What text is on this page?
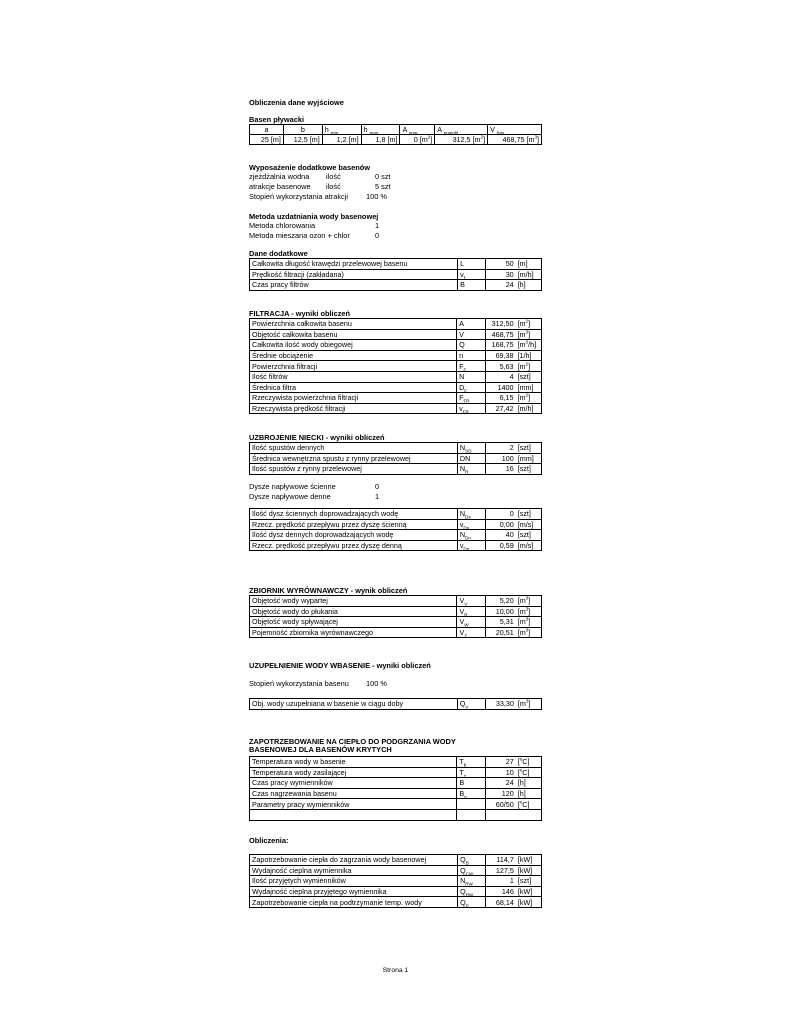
Obliczenia dane wyjściowe
Basen pływacki
a	b	h $_{min}$	h $_{max}$	A $_{pow}$	A $_{powobl}$	V $_{bas}$
25 [m]	12,5 [m]	1,2 [m]	1,8 [m]	0 $[m^2]$	312,5 $[m^2]$	468,75 $[m^3]$
Wyposażenie dodatkowe basenów
zjeżdżalnia wodna ilość	0 szt
atrakcje basenowe ilość	5 szt
Stopień wykorzystania atrakcji 100 %
Metoda uzdatniania wody basenowej
Metoda chlorowania	1
Metoda mieszana ozon + chlor	0
Dane dodatkowe
Całkowita długość krawędzi przelewowej basenu	L	50	[m]
Prędkość filtracji (zakładana)	$v_f$	30	[m/h]
Czas pracy filtrów	B	24	[h]
FILTRACJA - wyniki obliczeń
Powierzchnia całkowita basenu	A	312,50	$[m^2]$
Objętość całkowita basenu	V	468,75	$[m^3]$
Całkowita ilość wody obiegowej	Q	168,75	$[m^3/h]$
Średnie obciążenie	n	69,38	[1/h]
Powierzchnia filtracji	$F_F$	5,63	$[m^2]$
Ilość filtrów	N	4	[szt]
Średnica filtra	$D_F$	1400	[mm]
Rzeczywista powierzchnia filtracji	$F_{FR}$	6,15	$[m^2]$
Rzeczywista prędkość filtracji	$v_{FR}$	27,42	[m/h]
UZBROJENIE NIECKI - wyniki obliczeń
Ilość spustów dennych	$N_{SD}$	2	[szt]
Średnica wewnętrzna spustu z rynny przelewowej	DN	100	[mm]
Ilość spustów z rynny przelewowej	$N_R$	16	[szt]
Dysze napływowe ścienne	0
Dysze napływowe denne	1
Ilość dysz ściennych doprowadzających wodę	$N_{Ds}$	0	[szt]
Rzecz. prędkość przepływu przez dyszę ścienną	$v_{Ds}$	0,00	[m/s]
Ilość dysz dennych doprowadzających wodę	$N_{Dn}$	40	[szt]
Rzecz. prędkość przepływu przez dyszę denną	$v_{Dn}$	0,59	[m/s]
ZBIORNIK WYRÓWNAWCZY - wynik obliczeń
Objętość wody wypartej	$V_V$	5,20	$[m^3]$
Objętość wody do płukania	$V_R$	10,00	$[m^3]$
Objętość wody spływającej	$V_W$	5,31	$[m^3]$
Pojemność zbiornika wyrównawczego	$V_Z$	20,51	$[m^3]$
UZUPEŁNIENIE WODY WBASENIE - wyniki obliczeń
Stopień wykorzystania basenu 100 %
Obj. wody uzupełniana w basenie w ciągu doby	$Q_V$	33,30	$[m^3]$
ZAPOTRZEBOWANIE NA CIEPŁO DO PODGRZANIA WODY
BASENOWEJ DLA BASENÓW KRYTYCH
Temperatura wody w basenie	$T_b$	27	[$^o$C]
Temperatura wody zasilającej	$T_z$	10	[$^o$C]
Czas pracy wymienników	B	24	[h]
Czas nagrzewania basenu	$B_n$	120	[h]
Parametry pracy wymienników		60/50	[$^o$C]

Obliczenia:
Zapotrzebowanie ciepła do zagrzania wody basenowej	$Q_B$	114,7	[kW]
Wydajność cieplna wymiennika	$Q_{CW}$	127,5	[kW]
Ilość przyjętych wymienników	$N_{RW}$	1	[szt]
Wydajność cieplna przyjętego wymiennika	$Q_{RW}$	146	[kW]
Zapotrzebowanie ciepła na podtrzymanie temp. wody	$Q_P$	68,14	[kW]
Strona 1
